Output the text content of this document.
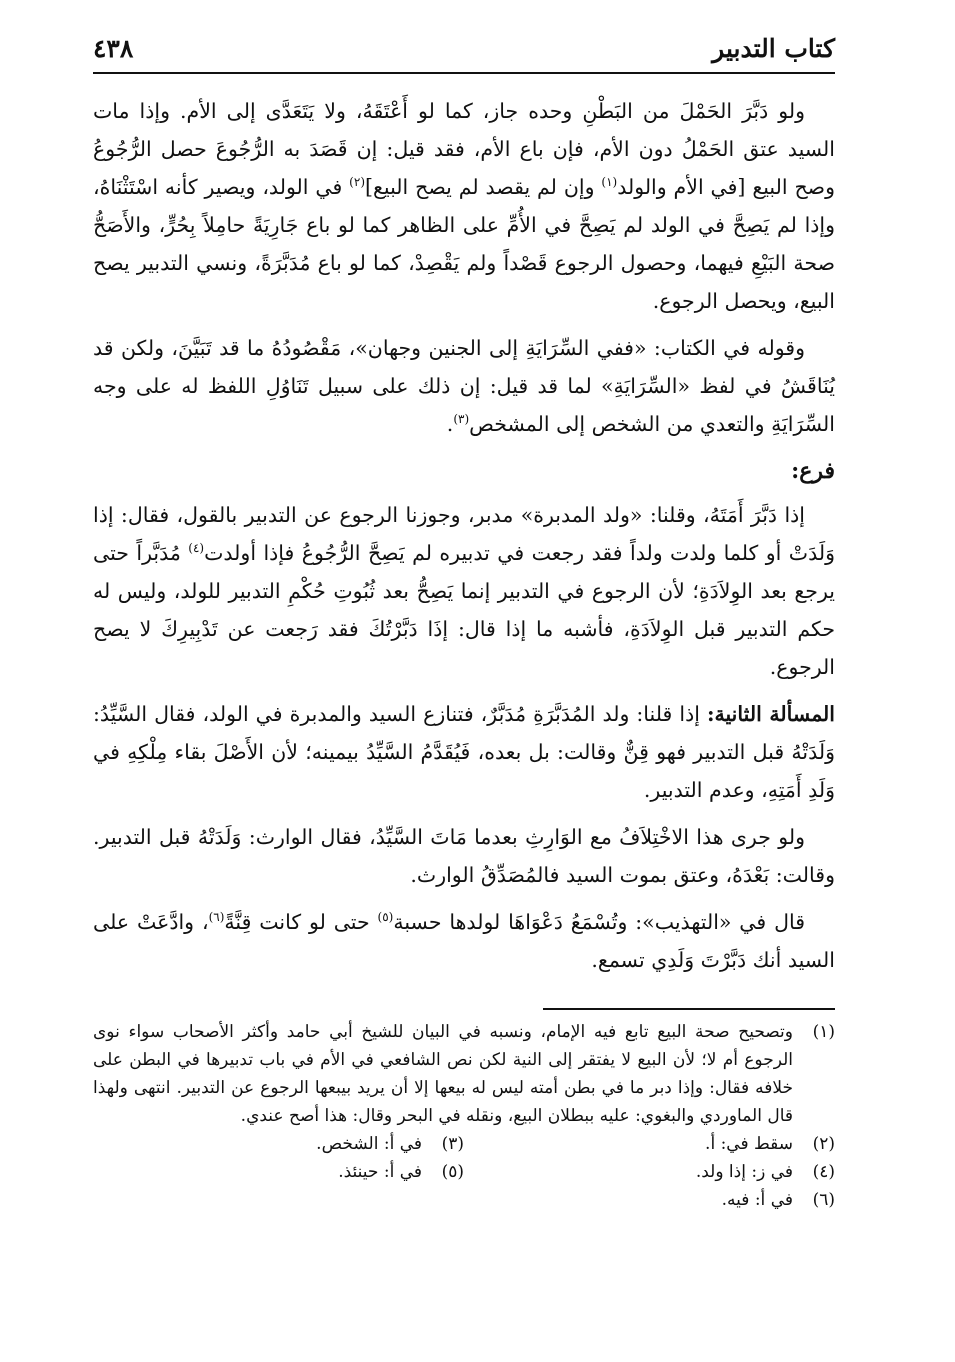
٤٣٨	كتاب التدبير

ولو دَبَّرَ الحَمْلَ من البَطْنِ وحده جاز، كما لو أَعْتَقَهُ، ولا يَتَعَدَّى إلى الأم. وإذا مات السيد عتق الحَمْلُ دون الأم، فإن باع الأم، فقد قيل: إن قَصَدَ به الرُّجُوعَ حصل الرُّجُوعُ وصح البيع [في الأم والولد$^{(١)}$ وإن لم يقصد لم يصح البيع]$^{(٢)}$ في الولد، ويصير كأنه اسْتَثْنَاهُ، وإذا لم يَصِحَّ في الولد لم يَصِحَّ في الأُمِّ على الظاهر كما لو باع جَارِيَةً حامِلاً بِحُرٍّ، والأَصَحُّ صحة البَيْعِ فيهما، وحصول الرجوع قَصْداً ولم يَقْصِدْ، كما لو باع مُدَبَّرَةً، ونسي التدبير يصح البيع، ويحصل الرجوع.

وقوله في الكتاب: «ففي السِّرَايَةِ إلى الجنين وجهان»، مَقْصُودُهُ ما قد تَبَيَّنَ، ولكن قد يُنَاقَشُ في لفظ «السِّرَايَةِ» لما قد قيل: إن ذلك على سبيل تَنَاوُلِ اللفظ له على وجه السِّرَايَةِ والتعدي من الشخص إلى المشخص$^{(٣)}$.

فرع:

إذا دَبَّرَ أَمَتَهُ، وقلنا: «ولد المدبرة» مدبر، وجوزنا الرجوع عن التدبير بالقول، فقال: إذا وَلَدَتْ أو كلما ولدت ولداً فقد رجعت في تدبيره لم يَصِحَّ الرُّجُوعُ فإذا أولدت$^{(٤)}$ مُدَبَّراً حتى يرجع بعد الوِلاَدَةِ؛ لأن الرجوع في التدبير إنما يَصِحُّ بعد ثُبُوتِ حُكْمِ التدبير للولد، وليس له حكم التدبير قبل الوِلاَدَةِ، فأشبه ما إذا قال: إذَا دَبَّرْتُكَ فقد رَجعت عن تَدْبِيرِكَ لا يصح الرجوع.

المسألة الثانية: إذا قلنا: ولد المُدَبَّرَةِ مُدَبَّرٌ، فتنازع السيد والمدبرة في الولد، فقال السَّيِّدُ: وَلَدَتْهُ قبل التدبير فهو قِنٌّ وقالت: بل بعده، فَيُقَدَّمُ السَّيِّدُ بيمينه؛ لأن الأَصْلَ بقاء مِلْكِهِ في وَلَدِ أَمَتِهِ، وعدم التدبير.

ولو جرى هذا الاخْتِلاَفُ مع الوَارِثِ بعدما مَاتَ السَّيِّدُ، فقال الوارث: وَلَدَتْهُ قبل التدبير. وقالت: بَعْدَهُ، وعتق بموت السيد فالمُصَدِّقُ الوارث.

قال في «التهذيب»: وتُسْمَعُ دَعْوَاهَا لولدها حسبة$^{(٥)}$ حتى لو كانت قِنَّةً$^{(٦)}$، وادَّعَتْ على السيد أنك دَبَّرْتَ وَلَدِي تسمع.

(١)
وتصحيح صحة البيع تابع فيه الإمام، ونسبه في البيان للشيخ أبي حامد وأكثر الأصحاب سواء نوى الرجوع أم لا؛ لأن البيع لا يفتقر إلى النية لكن نص الشافعي في الأم في باب تدبيرها في البطن على خلافه فقال: وإذا دبر ما في بطن أمته ليس له بيعها إلا أن يريد بيبعها الرجوع عن التدبير. انتهى ولهذا قال الماوردي والبغوي: عليه ببطلان البيع، ونقله في البحر وقال: هذا أصح عندي.
(٢)
سقط في: أ.
(٣)
في أ: الشخص.
(٤)
في ز: إذا ولد.
(٥)
في أ: حينئذ.
(٦)
في أ: فيه.
